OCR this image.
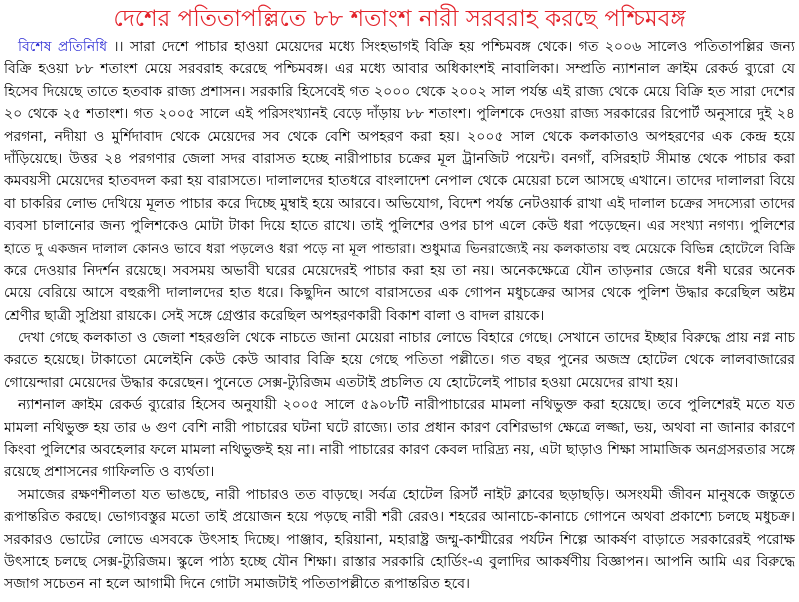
দেশের পতিতাপল্লিতে ৮৮ শতাংশ নারী সরবরাহ করছে পশ্চিমবঙ্গ
বিশেষ প্রতিনিধি ।। সারা দেশে পাচার হাওয়া মেয়েদের মধ্যে সিংহভাগই বিক্রি হয় পশ্চিমবঙ্গ থেকে। গত ২০০৬ সালেও পতিতাপল্লির জন্য
বিক্রি হওয়া ৮৮ শতাংশ মেয়ে সরবরাহ করেছে পশ্চিমবঙ্গ। এর মধ্যে আবার অধিকাংশই নাবালিকা। সম্প্রতি ন্যাশনাল ক্রাইম রেকর্ড ব্যুরো যে
হিসেব দিয়েছে তাতে হতবাক রাজ্য প্রশাসন। সরকারি হিসেবেই গত ২০০০ থেকে ২০০২ সাল পর্যন্ত এই রাজ্য থেকে মেয়ে বিক্রি হত সারা দেশের
২০ থেকে ২৫ শতাংশ। গত ২০০৫ সালে এই পরিসংখ্যানই বেড়ে দাঁড়ায় ৮৮ শতাংশ। পুলিশকে দেওয়া রাজ্য সরকারের রিপোর্ট অনুসারে দুই ২৪
পরগনা, নদীয়া ও মুর্শিদাবাদ থেকে মেয়েদের সব থেকে বেশি অপহরণ করা হয়। ২০০৫ সাল থেকে কলকাতাও অপহরণের এক কেন্দ্র হয়ে
দাঁড়িয়েছে। উত্তর ২৪ পরগণার জেলা সদর বারাসত হচ্ছে নারীপাচার চক্রের মূল ট্রানজিট পয়েন্ট। বনগাঁ, বসিরহাট সীমান্ত থেকে পাচার করা
কমবয়সী মেয়েদের হাতবদল করা হয় বারাসতে। দালালদের হাতধরে বাংলাদেশ নেপাল থেকে মেয়েরা চলে আসছে এখানে। তাদের দালালরা বিয়ে
বা চাকরির লোভ দেখিয়ে মূলত পাচার করে দিচ্ছে মুম্বাই হয়ে আরবে। অভিযোগ, বিদেশ পর্যন্ত নেটওয়ার্ক রাখা এই দালাল চক্রের সদস্যেরা তাদের
ব্যবসা চালানোর জন্য পুলিশকেও মোটা টাকা দিয়ে হাতে রাখে। তাই পুলিশের ওপর চাপ এলে কেউ ধরা পড়েছেন। এর সংখ্যা নগণ্য। পুলিশের
হাতে দু একজন দালাল কোনও ভাবে ধরা পড়লেও ধরা পড়ে না মূল পান্ডারা। শুধুমাত্র ভিনরাজ্যেই নয় কলকাতায় বহু মেয়েকে বিভিন্ন হোটেলে বিক্রি
করে দেওয়ার নিদর্শন রয়েছে। সবসময় অভাবী ঘরের মেয়েদেরই পাচার করা হয় তা নয়। অনেকক্ষেত্রে যৌন তাড়নার জেরে ধনী ঘরের অনেক
মেয়ে বেরিয়ে আসে বহুরূপী দালালদের হাত ধরে। কিছুদিন আগে বারাসতের এক গোপন মধুচক্রের আসর থেকে পুলিশ উদ্ধার করেছিল অষ্টম
শ্রেণীর ছাত্রী সুপ্রিয়া রায়কে। সেই সঙ্গে গ্রেপ্তার করেছিল অপহরণকারী বিকাশ বালা ও বাদল রায়কে।
দেখা গেছে কলকাতা ও জেলা শহরগুলি থেকে নাচতে জানা মেয়েরা নাচার লোভে বিহারে গেছে। সেখানে তাদের ইচ্ছার বিরুদ্ধে প্রায় নগ্ন নাচ
করতে হয়েছে। টাকাতো মেলেইনি কেউ কেউ আবার বিক্রি হয়ে গেছে পতিতা পল্লীতে। গত বছর পুনের অজস্র হোটেল থেকে লালবাজারের
গোয়েন্দারা মেয়েদের উদ্ধার করেছেন। পুনেতে সেক্স-ট্যুরিজম এতটাই প্রচলিত যে হোটেলেই পাচার হওয়া মেয়েদের রাখা হয়।
ন্যাশনাল ক্রাইম রেকর্ড ব্যুরোর হিসেব অনুযায়ী ২০০৫ সালে ৫৯০৮টি নারীপাচারের মামলা নথিভুক্ত করা হয়েছে। তবে পুলিশেরই মতে যত
মামলা নথিভুক্ত হয় তার ৬ গুণ বেশি নারী পাচারের ঘটনা ঘটে রাজ্যে। তার প্রধান কারণ বেশিরভাগ ক্ষেত্রে লজ্জা, ভয়, অথবা না জানার কারণে
কিংবা পুলিশের অবহেলার ফলে মামলা নথিভুক্তই হয় না। নারী পাচারের কারণ কেবল দারিদ্র্য নয়, এটা ছাড়াও শিক্ষা সামাজিক অনগ্রসরতার সঙ্গে
রয়েছে প্রশাসনের গাফিলতি ও ব্যর্থতা।
সমাজের রক্ষণশীলতা যত ভাঙছে, নারী পাচারও তত বাড়ছে। সর্বত্র হোটেল রিসর্ট নাইট ক্লাবের ছড়াছড়ি। অসংযমী জীবন মানুষকে জন্তুতে
রূপান্তরিত করছে। ভোগ্যবস্তুর মতো তাই প্রয়োজন হয়ে পড়ছে নারী শরী রেরও। শহরের আনাচে-কানাচে গোপনে অথবা প্রকাশ্যে চলছে মধুচক্র।
সরকারও ভোটের লোভে এসবকে উৎসাহ দিচ্ছে। পাঞ্জাব, হরিয়ানা, মহারাষ্ট্র জম্মু-কাশ্মীরের পর্যটন শিল্পে আকর্ষণ বাড়াতে সরকারেরই পরোক্ষ
উৎসাহে চলছে সেক্স-ট্যুরিজম। স্কুলে পাঠ্য হচ্ছে যৌন শিক্ষা। রাস্তার সরকারি হোর্ডিং-এ বুলাদির আকর্ষণীয় বিজ্ঞাপন। আপনি আমি এর বিরুদ্ধে
সজাগ সচেতন না হলে আগামী দিনে গোটা সমাজটাই পতিতাপল্লীতে রূপান্তরিত হবে।
